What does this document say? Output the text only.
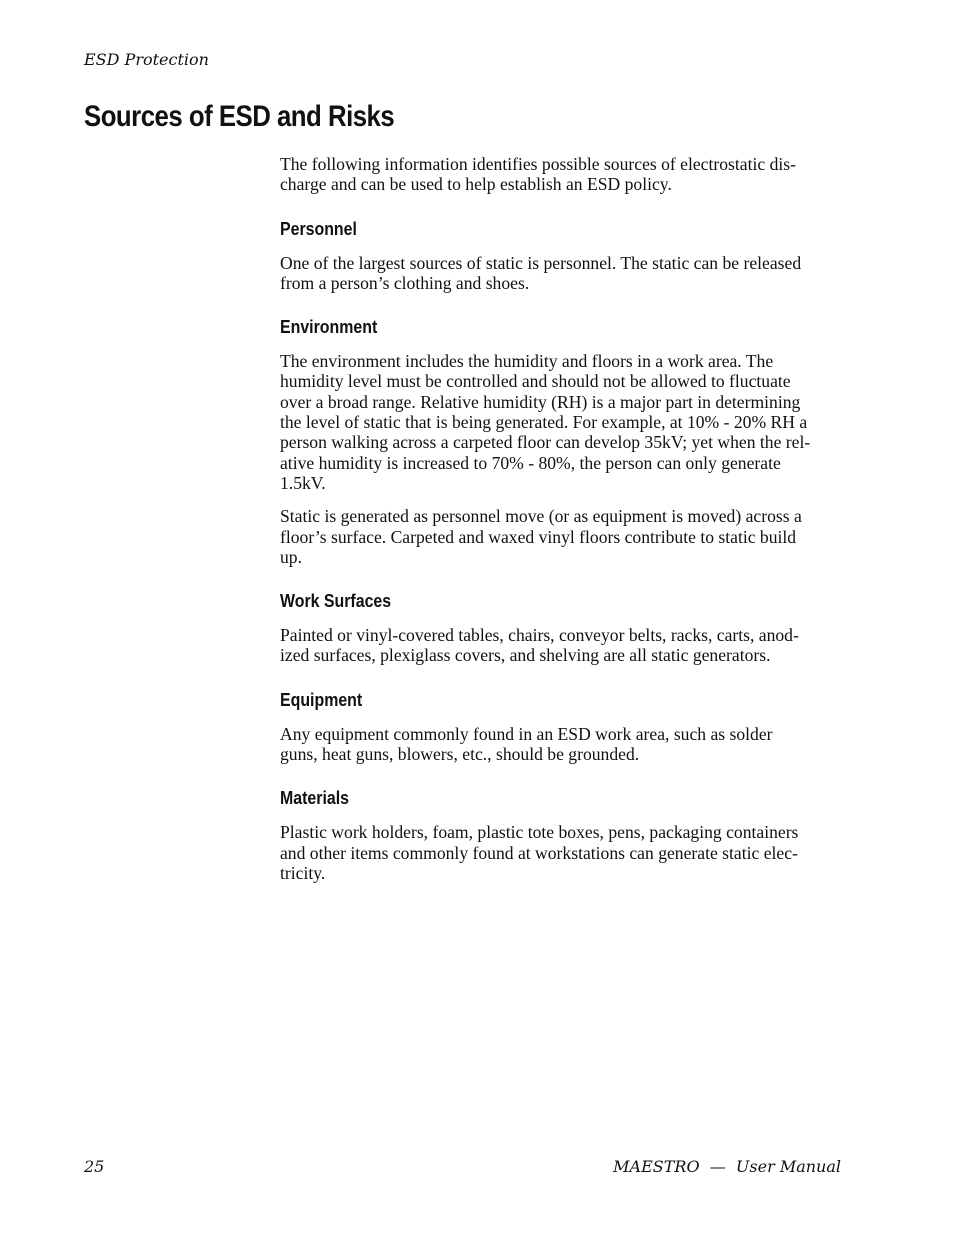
ESD Protection

Sources of ESD and Risks

The following information identifies possible sources of electrostatic dis-
charge and can be used to help establish an ESD policy.

Personnel

One of the largest sources of static is personnel. The static can be released
from a person’s clothing and shoes.

Environment

The environment includes the humidity and floors in a work area. The
humidity level must be controlled and should not be allowed to fluctuate
over a broad range. Relative humidity (RH) is a major part in determining
the level of static that is being generated. For example, at 10% - 20% RH a
person walking across a carpeted floor can develop 35kV; yet when the rel-
ative humidity is increased to 70% - 80%, the person can only generate
1.5kV.

Static is generated as personnel move (or as equipment is moved) across a
floor’s surface. Carpeted and waxed vinyl floors contribute to static build
up.

Work Surfaces

Painted or vinyl-covered tables, chairs, conveyor belts, racks, carts, anod-
ized surfaces, plexiglass covers, and shelving are all static generators.

Equipment

Any equipment commonly found in an ESD work area, such as solder
guns, heat guns, blowers, etc., should be grounded.

Materials

Plastic work holders, foam, plastic tote boxes, pens, packaging containers
and other items commonly found at workstations can generate static elec-
tricity.

25	MAESTRO  —  User Manual
